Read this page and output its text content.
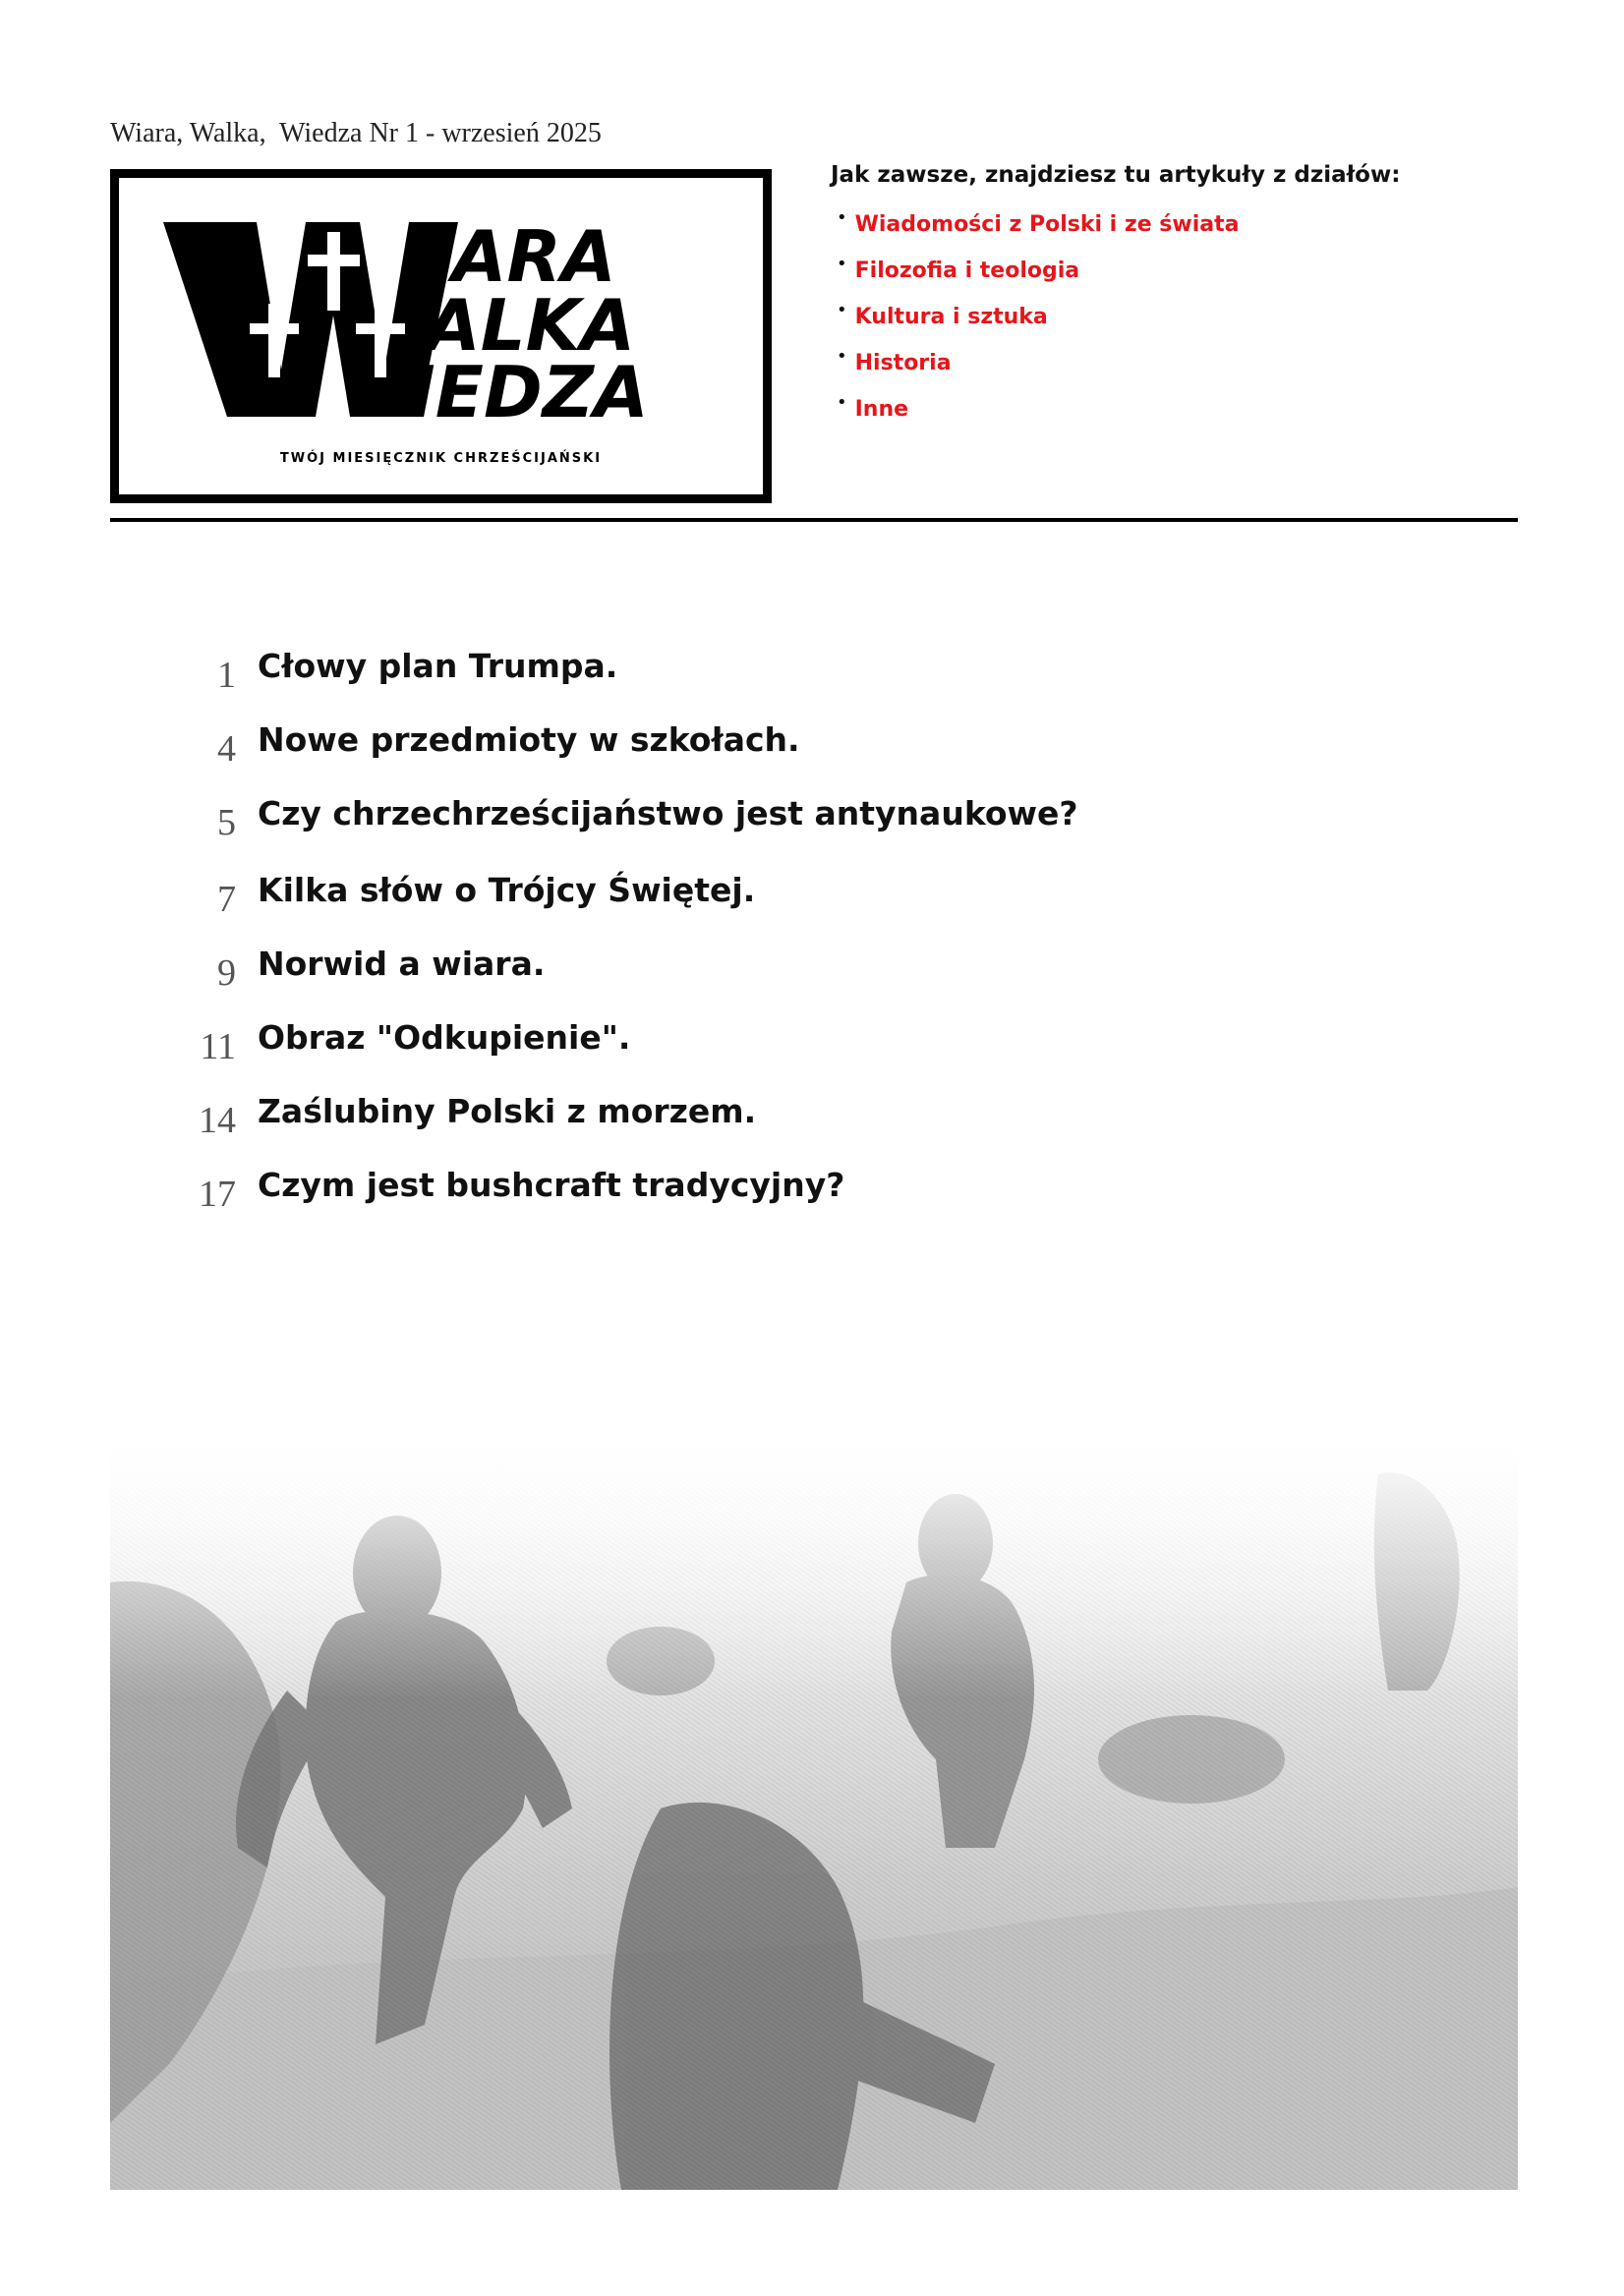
Wiara, Walka,  Wiedza Nr 1 - wrzesień 2025
IARA
ALKA
IEDZA
TWÓJ MIESIĘCZNIK CHRZEŚCIJAŃSKI
Jak zawsze, znajdziesz tu artykuły z działów:
• Wiadomości z Polski i ze świata
• Filozofia i teologia
• Kultura i sztuka
• Historia
• Inne
1 Cłowy plan Trumpa.
4 Nowe przedmioty w szkołach.
5 Czy chrzechrześcijaństwo jest antynaukowe?
7 Kilka słów o Trójcy Świętej.
9 Norwid a wiara.
11 Obraz "Odkupienie".
14 Zaślubiny Polski z morzem.
17 Czym jest bushcraft tradycyjny?
